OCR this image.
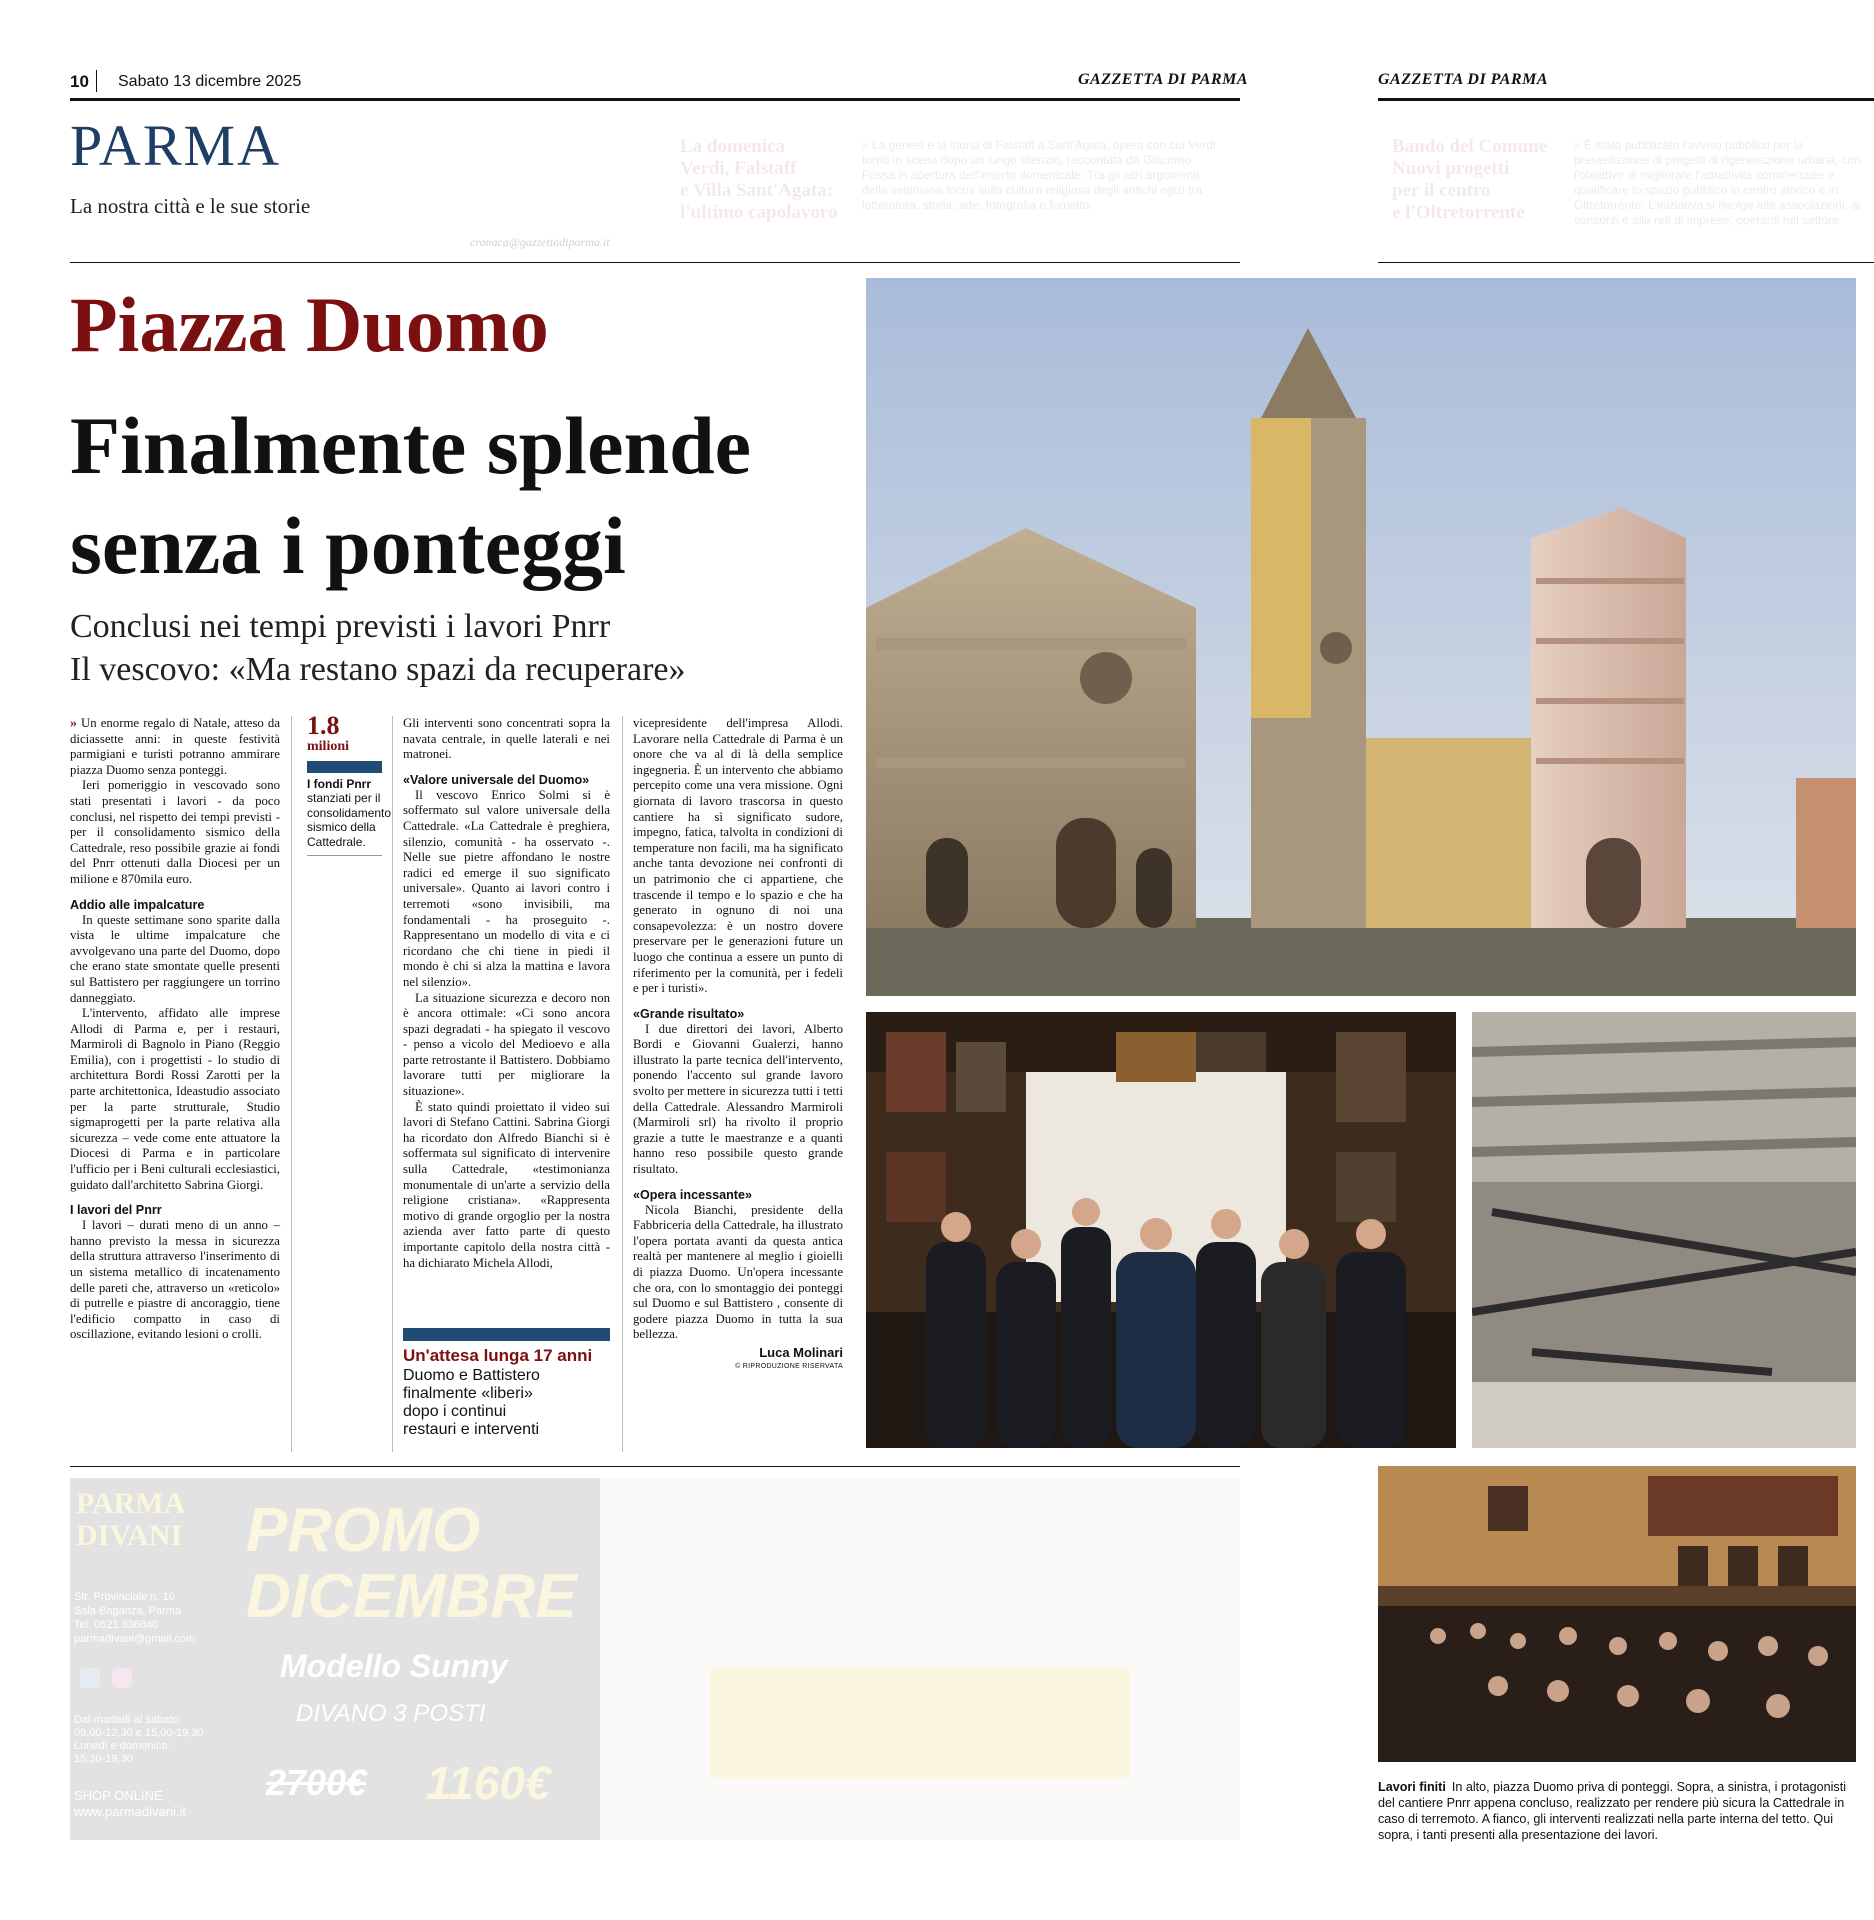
10 Sabato 13 dicembre 2025	GAZZETTA DI PARMA	GAZZETTA DI PARMA
PARMA
La nostra città e le sue storie
cronaca@gazzettadiparma.it
La domenica
Verdi, Falstaff
e Villa Sant'Agata:
l'ultimo capolavoro
» La genesi e la storia di Falstaff a Sant'Agata, opera con cui Verdi tornò in scena dopo un lungo silenzio, raccontata da Giacomo Fossa in apertura dell'inserto domenicale. Tra gli altri argomenti della settimana focus sulla cultura religiosa degli antichi egizi tra letteratura, storia, arte, fotografia e fumetto.
Bando del Comune
Nuovi progetti
per il centro
e l'Oltretorrente
» È stato pubblicato l'avviso pubblico per la presentazione di progetti di rigenerazione urbana, con l'obiettivo di migliorare l'attrattività commerciale e qualificare lo spazio pubblico in centro storico e in Oltretorrente. L'iniziativa si rivolge alle associazioni, ai consorzi e alle reti di imprese, operanti nel settore
Piazza Duomo
Finalmente splende
senza i ponteggi
Conclusi nei tempi previsti i lavori Pnrr
Il vescovo: «Ma restano spazi da recuperare»

» Un enorme regalo di Natale, atteso da diciassette anni: in queste festività parmigiani e turisti potranno ammirare piazza Duomo senza ponteggi.

Ieri pomeriggio in vescovado sono stati presentati i lavori - da poco conclusi, nel rispetto dei tempi previsti - per il consolidamento sismico della Cattedrale, reso possibile grazie ai fondi del Pnrr ottenuti dalla Diocesi per un milione e 870mila euro.

Addio alle impalcature

In queste settimane sono sparite dalla vista le ultime impalcature che avvolgevano una parte del Duomo, dopo che erano state smontate quelle presenti sul Battistero per raggiungere un torrino danneggiato.

L'intervento, affidato alle imprese Allodi di Parma e, per i restauri, Marmiroli di Bagnolo in Piano (Reggio Emilia), con i progettisti - lo studio di architettura Bordi Rossi Zarotti per la parte architettonica, Ideastudio associato per la parte strutturale, Studio sigmaprogetti per la parte relativa alla sicurezza – vede come ente attuatore la Diocesi di Parma e in particolare l'ufficio per i Beni culturali ecclesiastici, guidato dall'architetto Sabrina Giorgi.

I lavori del Pnrr

I lavori – durati meno di un anno – hanno previsto la messa in sicurezza della struttura attraverso l'inserimento di un sistema metallico di incatenamento delle pareti che, attraverso un «reticolo» di putrelle e piastre di ancoraggio, tiene l'edificio compatto in caso di oscillazione, evitando lesioni o crolli.

1.8
milioni
I fondi Pnrr
stanziati per il consolidamento sismico della Cattedrale.

Gli interventi sono concentrati sopra la navata centrale, in quelle laterali e nei matronei.

«Valore universale del Duomo»

Il vescovo Enrico Solmi si è soffermato sul valore universale della Cattedrale. «La Cattedrale è preghiera, silenzio, comunità - ha osservato -. Nelle sue pietre affondano le nostre radici ed emerge il suo significato universale». Quanto ai lavori contro i terremoti «sono invisibili, ma fondamentali - ha proseguito -. Rappresentano un modello di vita e ci ricordano che chi tiene in piedi il mondo è chi si alza la mattina e lavora nel silenzio».

La situazione sicurezza e decoro non è ancora ottimale: «Ci sono ancora spazi degradati - ha spiegato il vescovo - penso a vicolo del Medioevo e alla parte retrostante il Battistero. Dobbiamo lavorare tutti per migliorare la situazione».

È stato quindi proiettato il video sui lavori di Stefano Cattini. Sabrina Giorgi ha ricordato don Alfredo Bianchi si è soffermata sul significato di intervenire sulla Cattedrale, «testimonianza monumentale di un'arte a servizio della religione cristiana». «Rappresenta motivo di grande orgoglio per la nostra azienda aver fatto parte di questo importante capitolo della nostra città - ha dichiarato Michela Allodi,

Un'attesa lunga 17 anni
Duomo e Battistero
finalmente «liberi»
dopo i continui
restauri e interventi

vicepresidente dell'impresa Allodi. Lavorare nella Cattedrale di Parma è un onore che va al di là della semplice ingegneria. È un intervento che abbiamo percepito come una vera missione. Ogni giornata di lavoro trascorsa in questo cantiere ha sì significato sudore, impegno, fatica, talvolta in condizioni di temperature non facili, ma ha significato anche tanta devozione nei confronti di un patrimonio che ci appartiene, che trascende il tempo e lo spazio e che ha generato in ognuno di noi una consapevolezza: è un nostro dovere preservare per le generazioni future un luogo che continua a essere un punto di riferimento per la comunità, per i fedeli e per i turisti».

«Grande risultato»

I due direttori dei lavori, Alberto Bordi e Giovanni Gualerzi, hanno illustrato la parte tecnica dell'intervento, ponendo l'accento sul grande lavoro svolto per mettere in sicurezza tutti i tetti della Cattedrale. Alessandro Marmiroli (Marmiroli srl) ha rivolto il proprio grazie a tutte le maestranze e a quanti hanno reso possibile questo grande risultato.

«Opera incessante»

Nicola Bianchi, presidente della Fabbriceria della Cattedrale, ha illustrato l'opera portata avanti da questa antica realtà per mantenere al meglio i gioielli di piazza Duomo. Un'opera incessante che ora, con lo smontaggio dei ponteggi sul Duomo e sul Battistero , consente di godere piazza Duomo in tutta la sua bellezza.

Luca Molinari
© RIPRODUZIONE RISERVATA
Lavori finiti In alto, piazza Duomo priva di ponteggi. Sopra, a sinistra, i protagonisti del cantiere Pnrr appena concluso, realizzato per rendere più sicura la Cattedrale in caso di terremoto. A fianco, gli interventi realizzati nella parte interna del tetto. Qui sopra, i tanti presenti alla presentazione dei lavori.
PARMA
DIVANI
Str. Provinciale n. 10
Sala Baganza, Parma
Tel. 0521.836840
parmadivani@gmail.com
Dal martedì al sabato:
09,00-12,30 e 15,00-19,30
Lunedì e domenica:
15,30-19,30
SHOP ONLINE
www.parmadivani.it
PROMO
DICEMBRE
Modello Sunny
DIVANO 3 POSTI
2700€ 1160€
